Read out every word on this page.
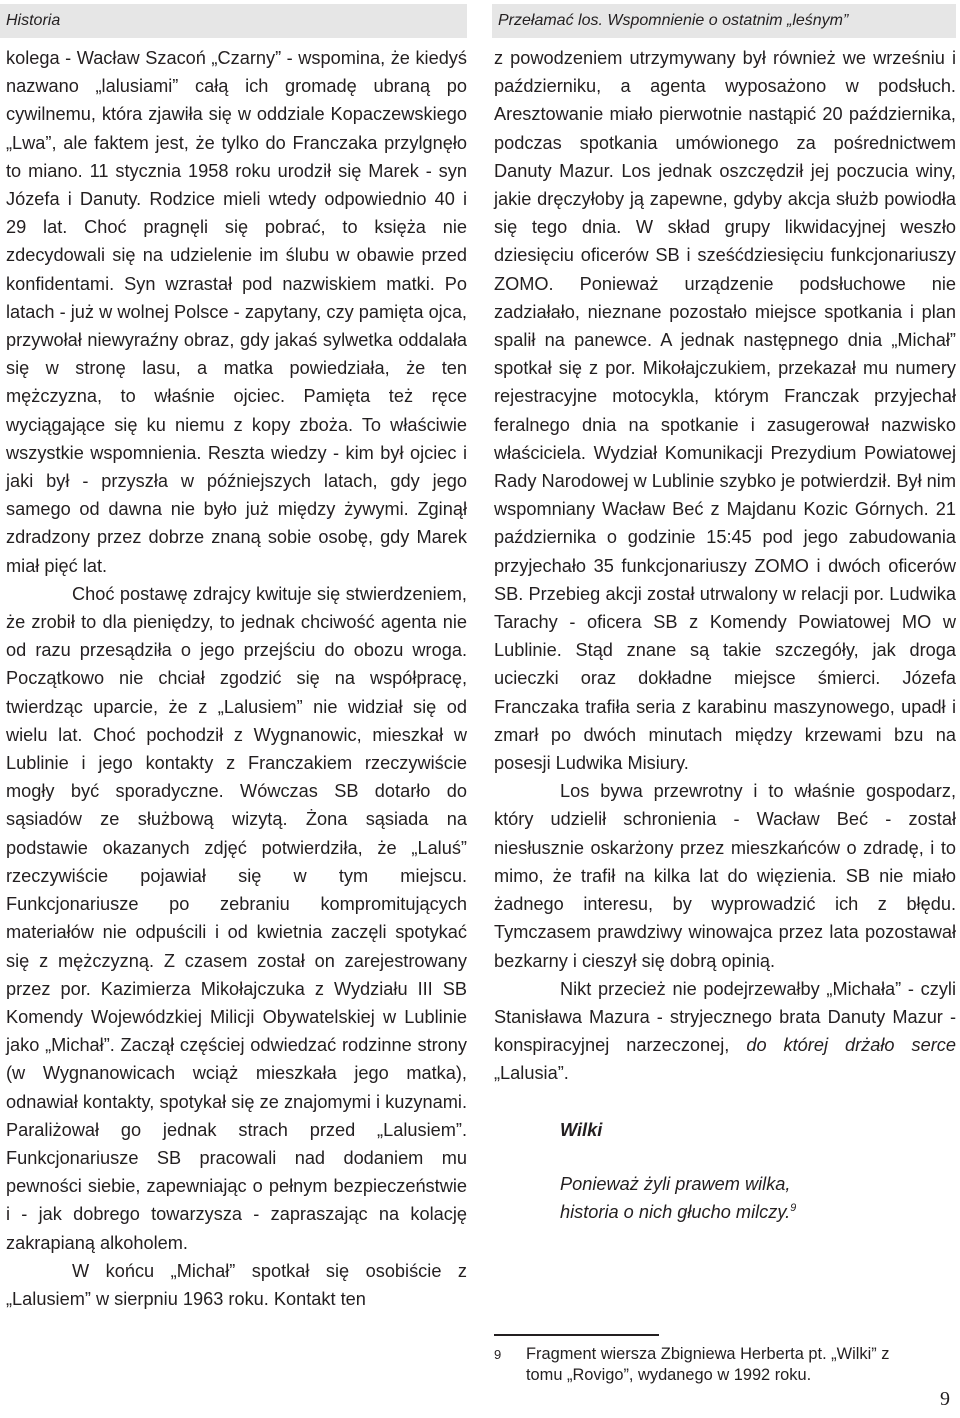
Historia	Przełamać los. Wspomnienie o ostatnim „leśnym”

kolega - Wacław Szacoń „Czarny” - wspomina, że kiedyś nazwano „lalusiami” całą ich gromadę ubraną po cywilnemu, która zjawiła się w oddziale Kopaczewskiego „Lwa”, ale faktem jest, że tylko do Franczaka przylgnęło to miano. 11 stycznia 1958 roku urodził się Marek - syn Józefa i Danuty. Rodzice mieli wtedy odpowiednio 40 i 29 lat. Choć pragnęli się pobrać, to księża nie zdecydowali się na udzielenie im ślubu w obawie przed konfidentami. Syn wzrastał pod nazwiskiem matki. Po latach - już w wolnej Polsce - zapytany, czy pamięta ojca, przywołał niewyraźny obraz, gdy jakaś sylwetka oddalała się w stronę lasu, a matka powiedziała, że ten mężczyzna, to właśnie ojciec. Pamięta też ręce wyciągające się ku niemu z kopy zboża. To właściwie wszystkie wspomnienia. Reszta wiedzy - kim był ojciec i jaki był - przyszła w późniejszych latach, gdy jego samego od dawna nie było już między żywymi. Zginął zdradzony przez dobrze znaną sobie osobę, gdy Marek miał pięć lat.

Choć postawę zdrajcy kwituje się stwierdzeniem, że zrobił to dla pieniędzy, to jednak chciwość agenta nie od razu przesądziła o jego przejściu do obozu wroga. Początkowo nie chciał zgodzić się na współpracę, twierdząc uparcie, że z „Lalusiem” nie widział się od wielu lat. Choć pochodził z Wygnanowic, mieszkał w Lublinie i jego kontakty z Franczakiem rzeczywiście mogły być sporadyczne. Wówczas SB dotarło do sąsiadów ze służbową wizytą. Żona sąsiada na podstawie okazanych zdjęć potwierdziła, że „Laluś” rzeczywiście pojawiał się w tym miejscu. Funkcjonariusze po zebraniu kompromitujących materiałów nie odpuścili i od kwietnia zaczęli spotykać się z mężczyzną. Z czasem został on zarejestrowany przez por. Kazimierza Mikołajczuka z Wydziału III SB Komendy Wojewódzkiej Milicji Obywatelskiej w Lublinie jako „Michał”. Zaczął częściej odwiedzać rodzinne strony (w Wygnanowicach wciąż mieszkała jego matka), odnawiał kontakty, spotykał się ze znajomymi i kuzynami. Paraliżował go jednak strach przed „Lalusiem”. Funkcjonariusze SB pracowali nad dodaniem mu pewności siebie, zapewniając o pełnym bezpieczeństwie i - jak dobrego towarzysza - zapraszając na kolację zakrapianą alkoholem.

W końcu „Michał” spotkał się osobiście z „Lalusiem” w sierpniu 1963 roku. Kontakt ten

z powodzeniem utrzymywany był również we wrześniu i październiku, a agenta wyposażono w podsłuch. Aresztowanie miało pierwotnie nastąpić 20 października, podczas spotkania umówionego za pośrednictwem Danuty Mazur. Los jednak oszczędził jej poczucia winy, jakie dręczyłoby ją zapewne, gdyby akcja służb powiodła się tego dnia. W skład grupy likwidacyjnej weszło dziesięciu oficerów SB i sześćdziesięciu funkcjonariuszy ZOMO. Ponieważ urządzenie podsłuchowe nie zadziałało, nieznane pozostało miejsce spotkania i plan spalił na panewce. A jednak następnego dnia „Michał” spotkał się z por. Mikołajczukiem, przekazał mu numery rejestracyjne motocykla, którym Franczak przyjechał feralnego dnia na spotkanie i zasugerował nazwisko właściciela. Wydział Komunikacji Prezydium Powiatowej Rady Narodowej w Lublinie szybko je potwierdził. Był nim wspomniany Wacław Beć z Majdanu Kozic Górnych. 21 października o godzinie 15:45 pod jego zabudowania przyjechało 35 funkcjonariuszy ZOMO i dwóch oficerów SB. Przebieg akcji został utrwalony w relacji por. Ludwika Tarachy - oficera SB z Komendy Powiatowej MO w Lublinie. Stąd znane są takie szczegóły, jak droga ucieczki oraz dokładne miejsce śmierci. Józefa Franczaka trafiła seria z karabinu maszynowego, upadł i zmarł po dwóch minutach między krzewami bzu na posesji Ludwika Misiury.

Los bywa przewrotny i to właśnie gospodarz, który udzielił schronienia - Wacław Beć - został niesłusznie oskarżony przez mieszkańców o zdradę, i to mimo, że trafił na kilka lat do więzienia. SB nie miało żadnego interesu, by wyprowadzić ich z błędu. Tymczasem prawdziwy winowajca przez lata pozostawał bezkarny i cieszył się dobrą opinią.

Nikt przecież nie podejrzewałby „Michała” - czyli Stanisława Mazura - stryjecznego brata Danuty Mazur - konspiracyjnej narzeczonej, do której drżało serce „Lalusia”.

Wilki
Ponieważ żyli prawem wilka,
historia o nich głucho milczy.$^9$
9	Fragment wiersza Zbigniewa Herberta pt. „Wilki” z tomu „Rovigo”, wydanego w 1992 roku.
9
